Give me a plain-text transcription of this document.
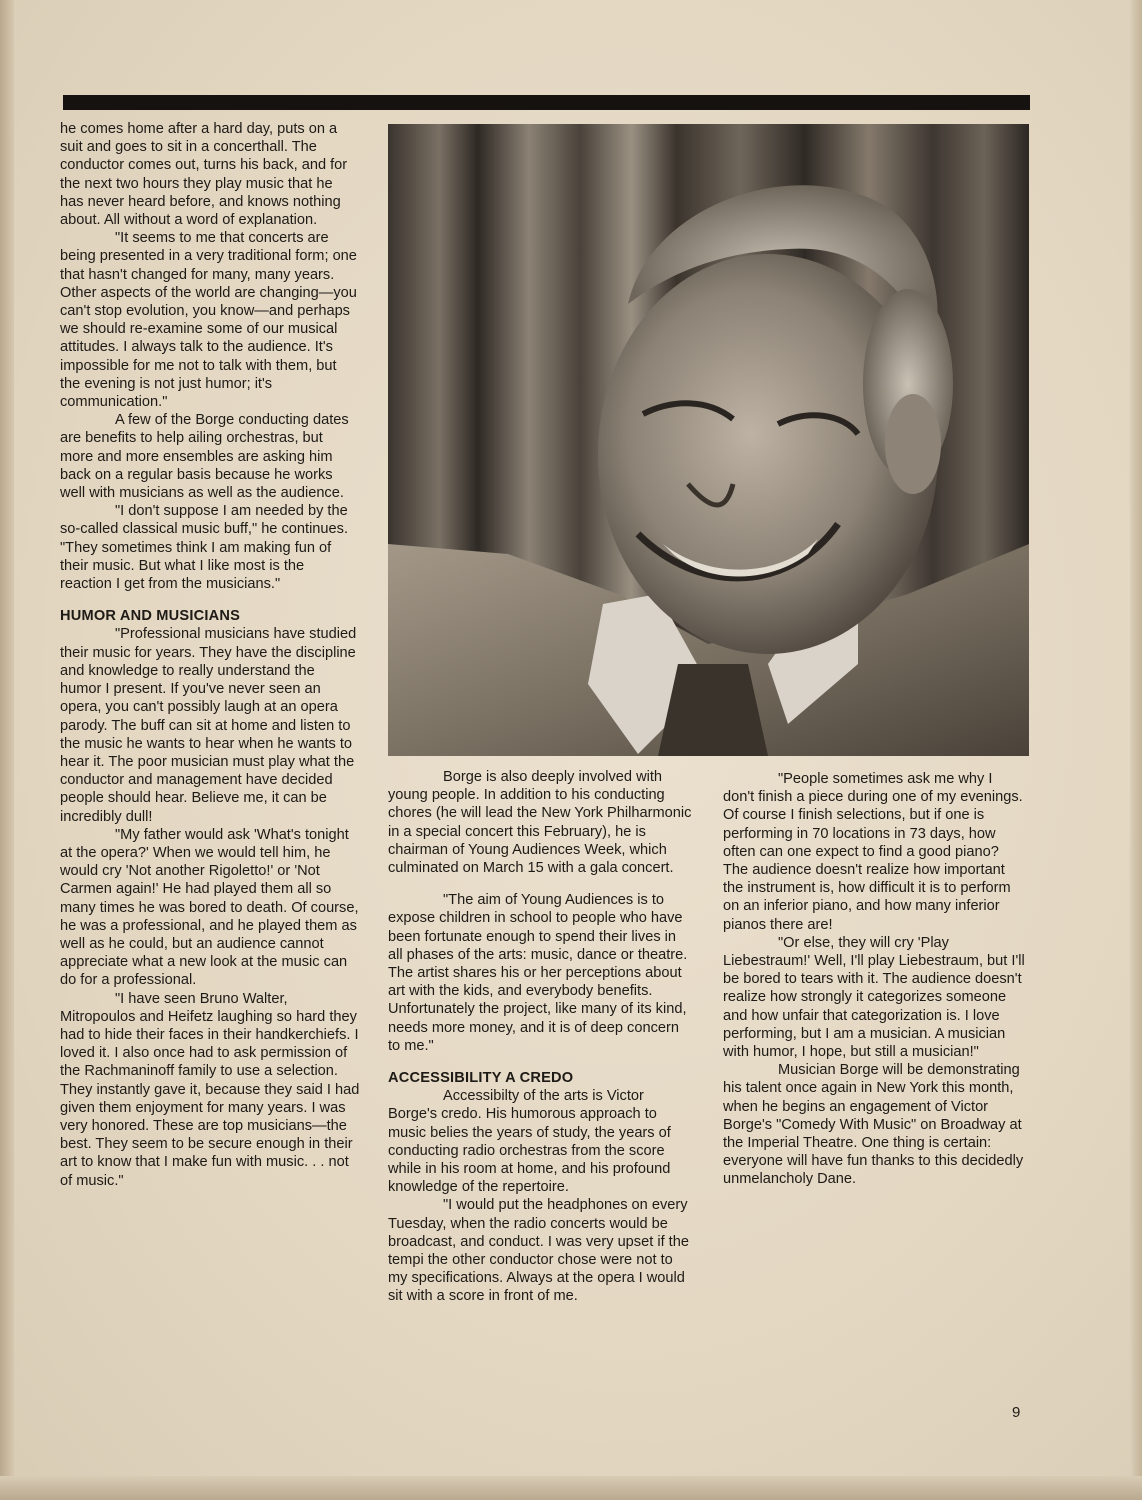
he comes home after a hard day, puts on a suit and goes to sit in a concerthall. The conductor comes out, turns his back, and for the next two hours they play music that he has never heard before, and knows nothing about. All without a word of explanation.

"It seems to me that concerts are being presented in a very traditional form; one that hasn't changed for many, many years. Other aspects of the world are changing—you can't stop evolution, you know—and perhaps we should re-examine some of our musical attitudes. I always talk to the audience. It's impossible for me not to talk with them, but the evening is not just humor; it's communication."

A few of the Borge conducting dates are benefits to help ailing orchestras, but more and more ensembles are asking him back on a regular basis because he works well with musicians as well as the audience.

"I don't suppose I am needed by the so-called classical music buff," he continues. "They sometimes think I am making fun of their music. But what I like most is the reaction I get from the musicians."

HUMOR AND MUSICIANS

"Professional musicians have studied their music for years. They have the discipline and knowledge to really understand the humor I present. If you've never seen an opera, you can't possibly laugh at an opera parody. The buff can sit at home and listen to the music he wants to hear when he wants to hear it. The poor musician must play what the conductor and management have decided people should hear. Believe me, it can be incredibly dull!

"My father would ask 'What's tonight at the opera?' When we would tell him, he would cry 'Not another Rigoletto!' or 'Not Carmen again!' He had played them all so many times he was bored to death. Of course, he was a professional, and he played them as well as he could, but an audience cannot appreciate what a new look at the music can do for a professional.

"I have seen Bruno Walter, Mitropoulos and Heifetz laughing so hard they had to hide their faces in their handkerchiefs. I loved it. I also once had to ask permission of the Rachmaninoff family to use a selection. They instantly gave it, because they said I had given them enjoyment for many years. I was very honored. These are top musicians—the best. They seem to be secure enough in their art to know that I make fun with music. . . not of music."

Borge is also deeply involved with young people. In addition to his conducting chores (he will lead the New York Philharmonic in a special concert this February), he is chairman of Young Audiences Week, which culminated on March 15 with a gala concert.

"The aim of Young Audiences is to expose children in school to people who have been fortunate enough to spend their lives in all phases of the arts: music, dance or theatre. The artist shares his or her perceptions about art with the kids, and everybody benefits. Unfortunately the project, like many of its kind, needs more money, and it is of deep concern to me."

ACCESSIBILITY A CREDO

Accessibilty of the arts is Victor Borge's credo. His humorous approach to music belies the years of study, the years of conducting radio orchestras from the score while in his room at home, and his profound knowledge of the repertoire.

"I would put the headphones on every Tuesday, when the radio concerts would be broadcast, and conduct. I was very upset if the tempi the other conductor chose were not to my specifications. Always at the opera I would sit with a score in front of me.

"People sometimes ask me why I don't finish a piece during one of my evenings. Of course I finish selections, but if one is performing in 70 locations in 73 days, how often can one expect to find a good piano? The audience doesn't realize how important the instrument is, how difficult it is to perform on an inferior piano, and how many inferior pianos there are!

"Or else, they will cry 'Play Liebestraum!' Well, I'll play Liebestraum, but I'll be bored to tears with it. The audience doesn't realize how strongly it categorizes someone and how unfair that categorization is. I love performing, but I am a musician. A musician with humor, I hope, but still a musician!"

Musician Borge will be demonstrating his talent once again in New York this month, when he begins an engagement of Victor Borge's "Comedy With Music" on Broadway at the Imperial Theatre. One thing is certain: everyone will have fun thanks to this decidedly unmelancholy Dane.

9
